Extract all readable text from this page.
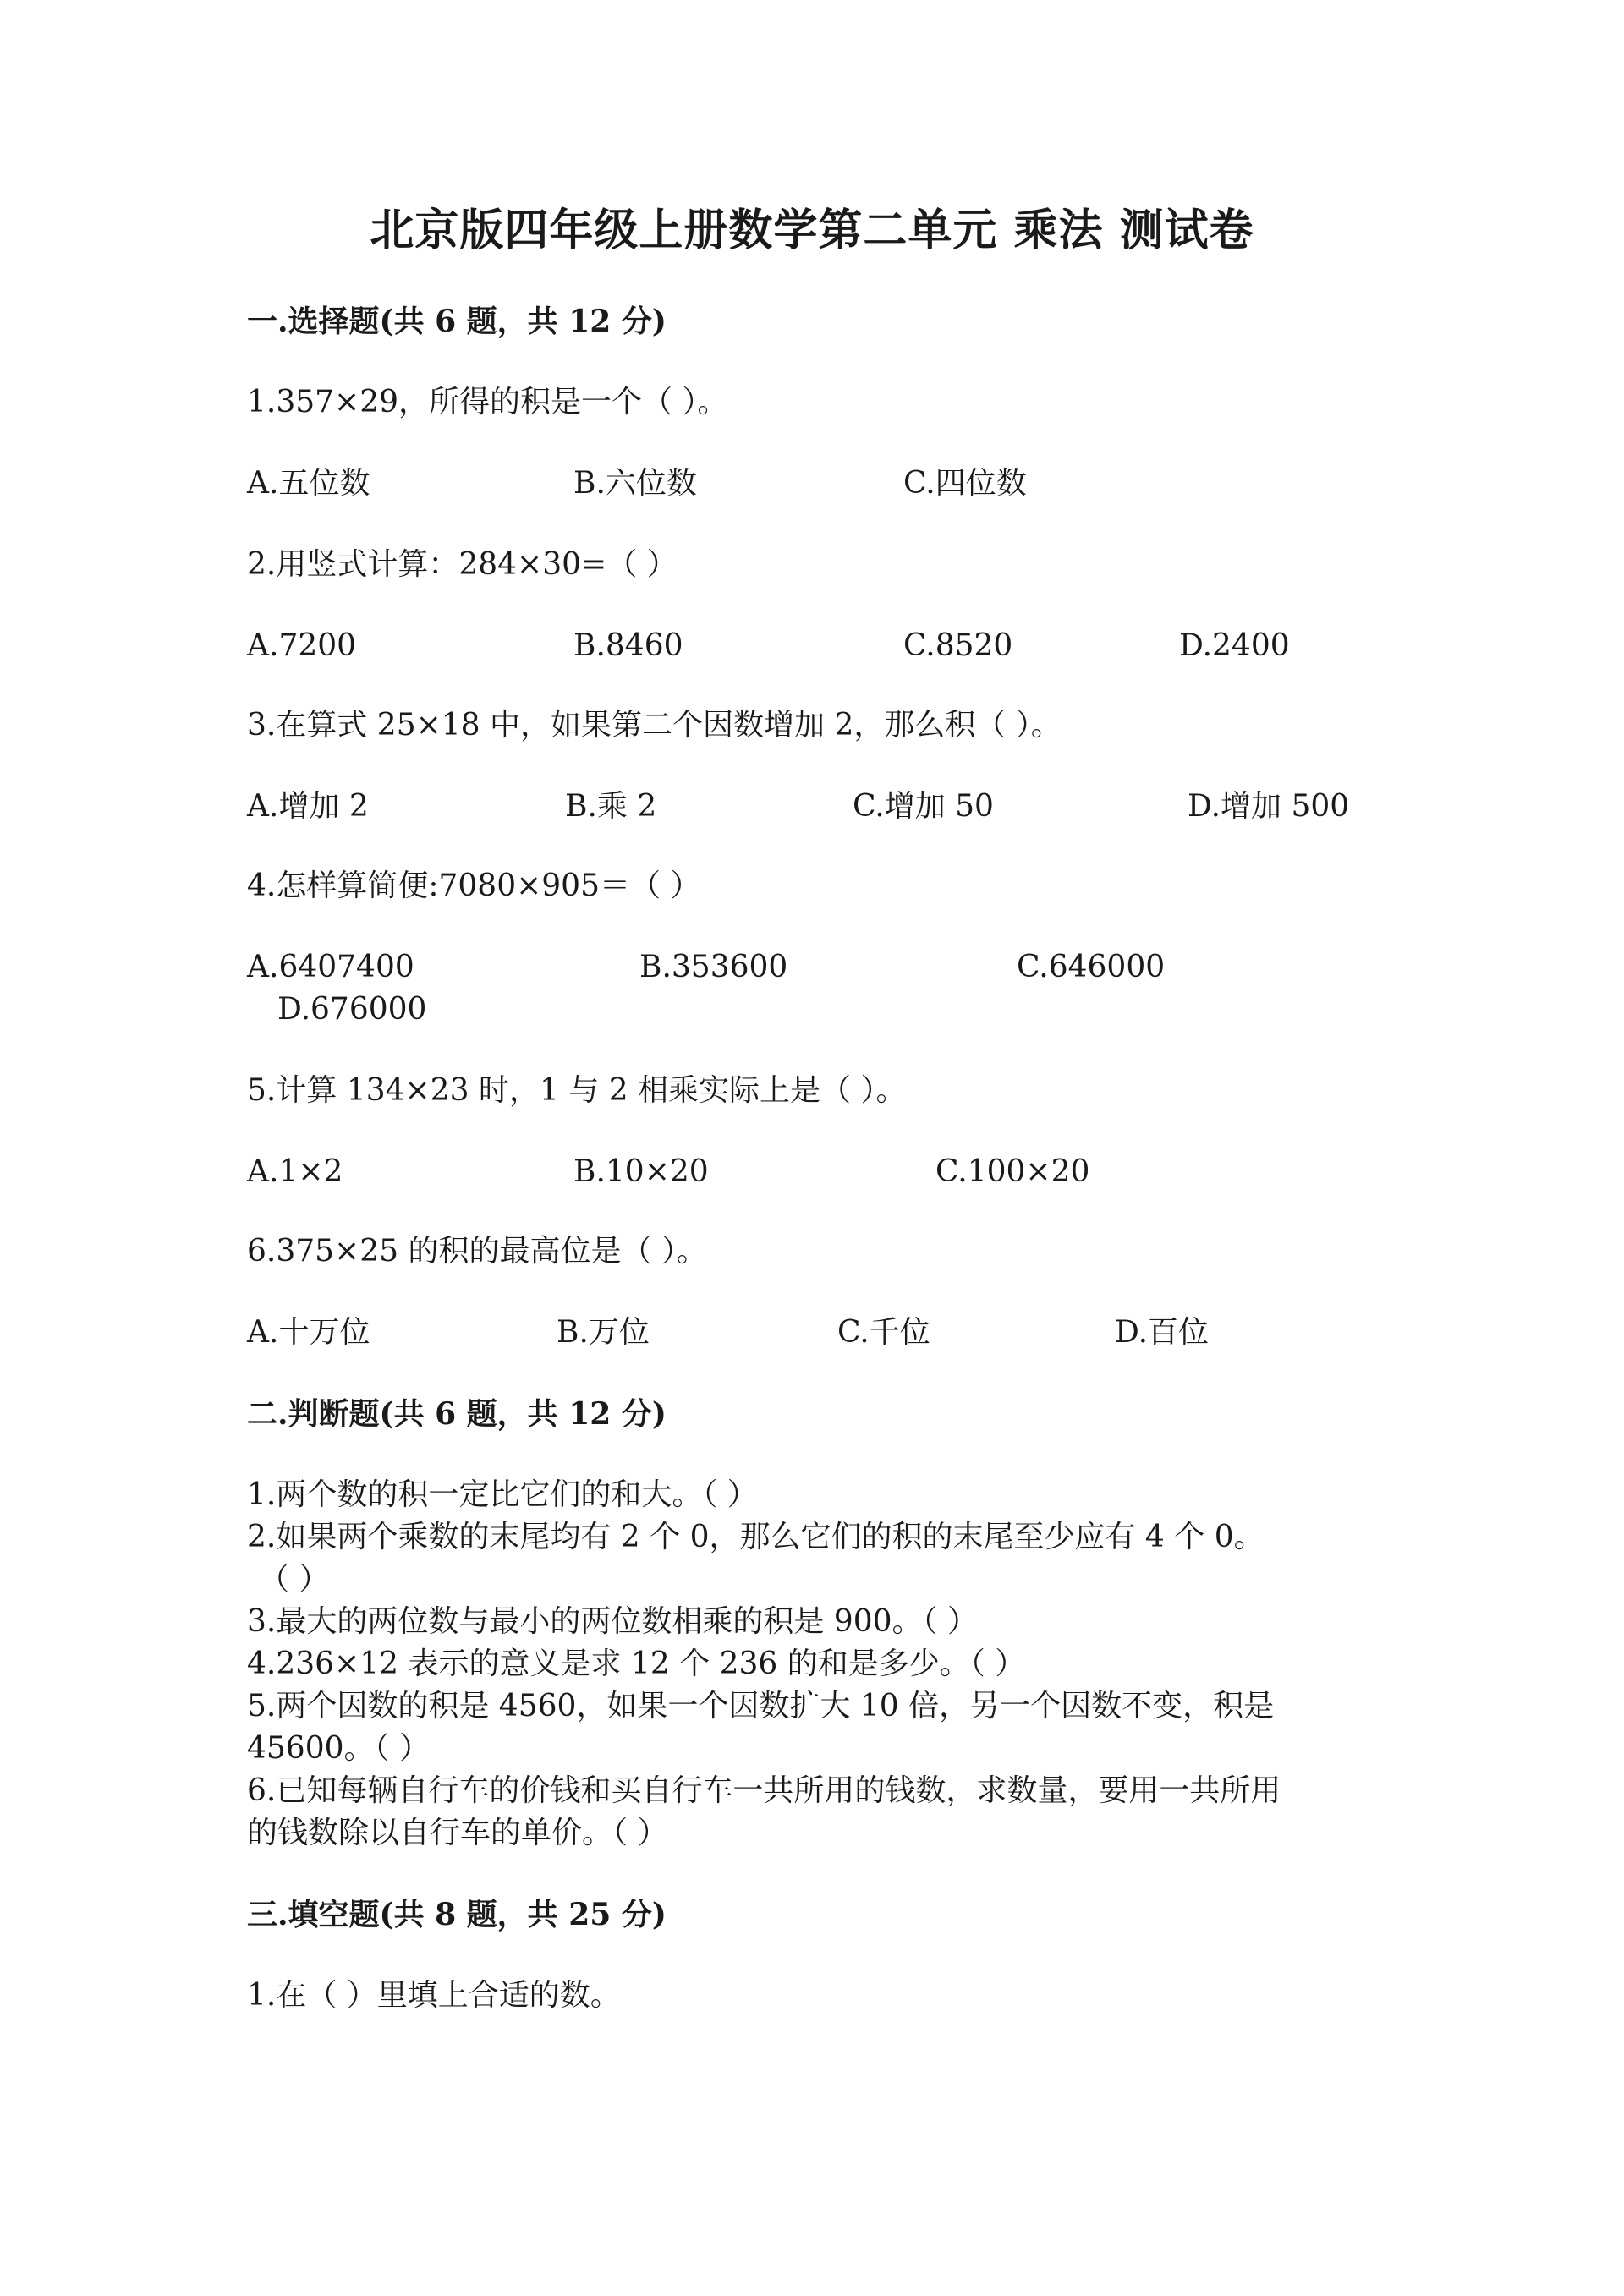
北京版四年级上册数学第二单元 乘法 测试卷
一.选择题(共 6 题，共 12 分)
1.357×29，所得的积是一个（ ）。
A.五位数	B.六位数	C.四位数
2.用竖式计算：284×30=（ ）
A.7200	B.8460	C.8520	D.2400
3.在算式 25×18 中，如果第二个因数增加 2，那么积（ ）。
A.增加 2	B.乘 2	C.增加 50	D.增加 500
4.怎样算简便:7080×905＝（ ）
A.6407400	B.353600	C.646000
D.676000
5.计算 134×23 时，1 与 2 相乘实际上是（ ）。
A.1×2	B.10×20	C.100×20
6.375×25 的积的最高位是（ ）。
A.十万位	B.万位	C.千位	D.百位
二.判断题(共 6 题，共 12 分)
1.两个数的积一定比它们的和大。（ ）
2.如果两个乘数的末尾均有 2 个 0，那么它们的积的末尾至少应有 4 个 0。
（ ）
3.最大的两位数与最小的两位数相乘的积是 900。（ ）
4.236×12 表示的意义是求 12 个 236 的和是多少。（ ）
5.两个因数的积是 4560，如果一个因数扩大 10 倍，另一个因数不变，积是
45600。（ ）
6.已知每辆自行车的价钱和买自行车一共所用的钱数，求数量，要用一共所用
的钱数除以自行车的单价。（ ）
三.填空题(共 8 题，共 25 分)
1.在（ ）里填上合适的数。
